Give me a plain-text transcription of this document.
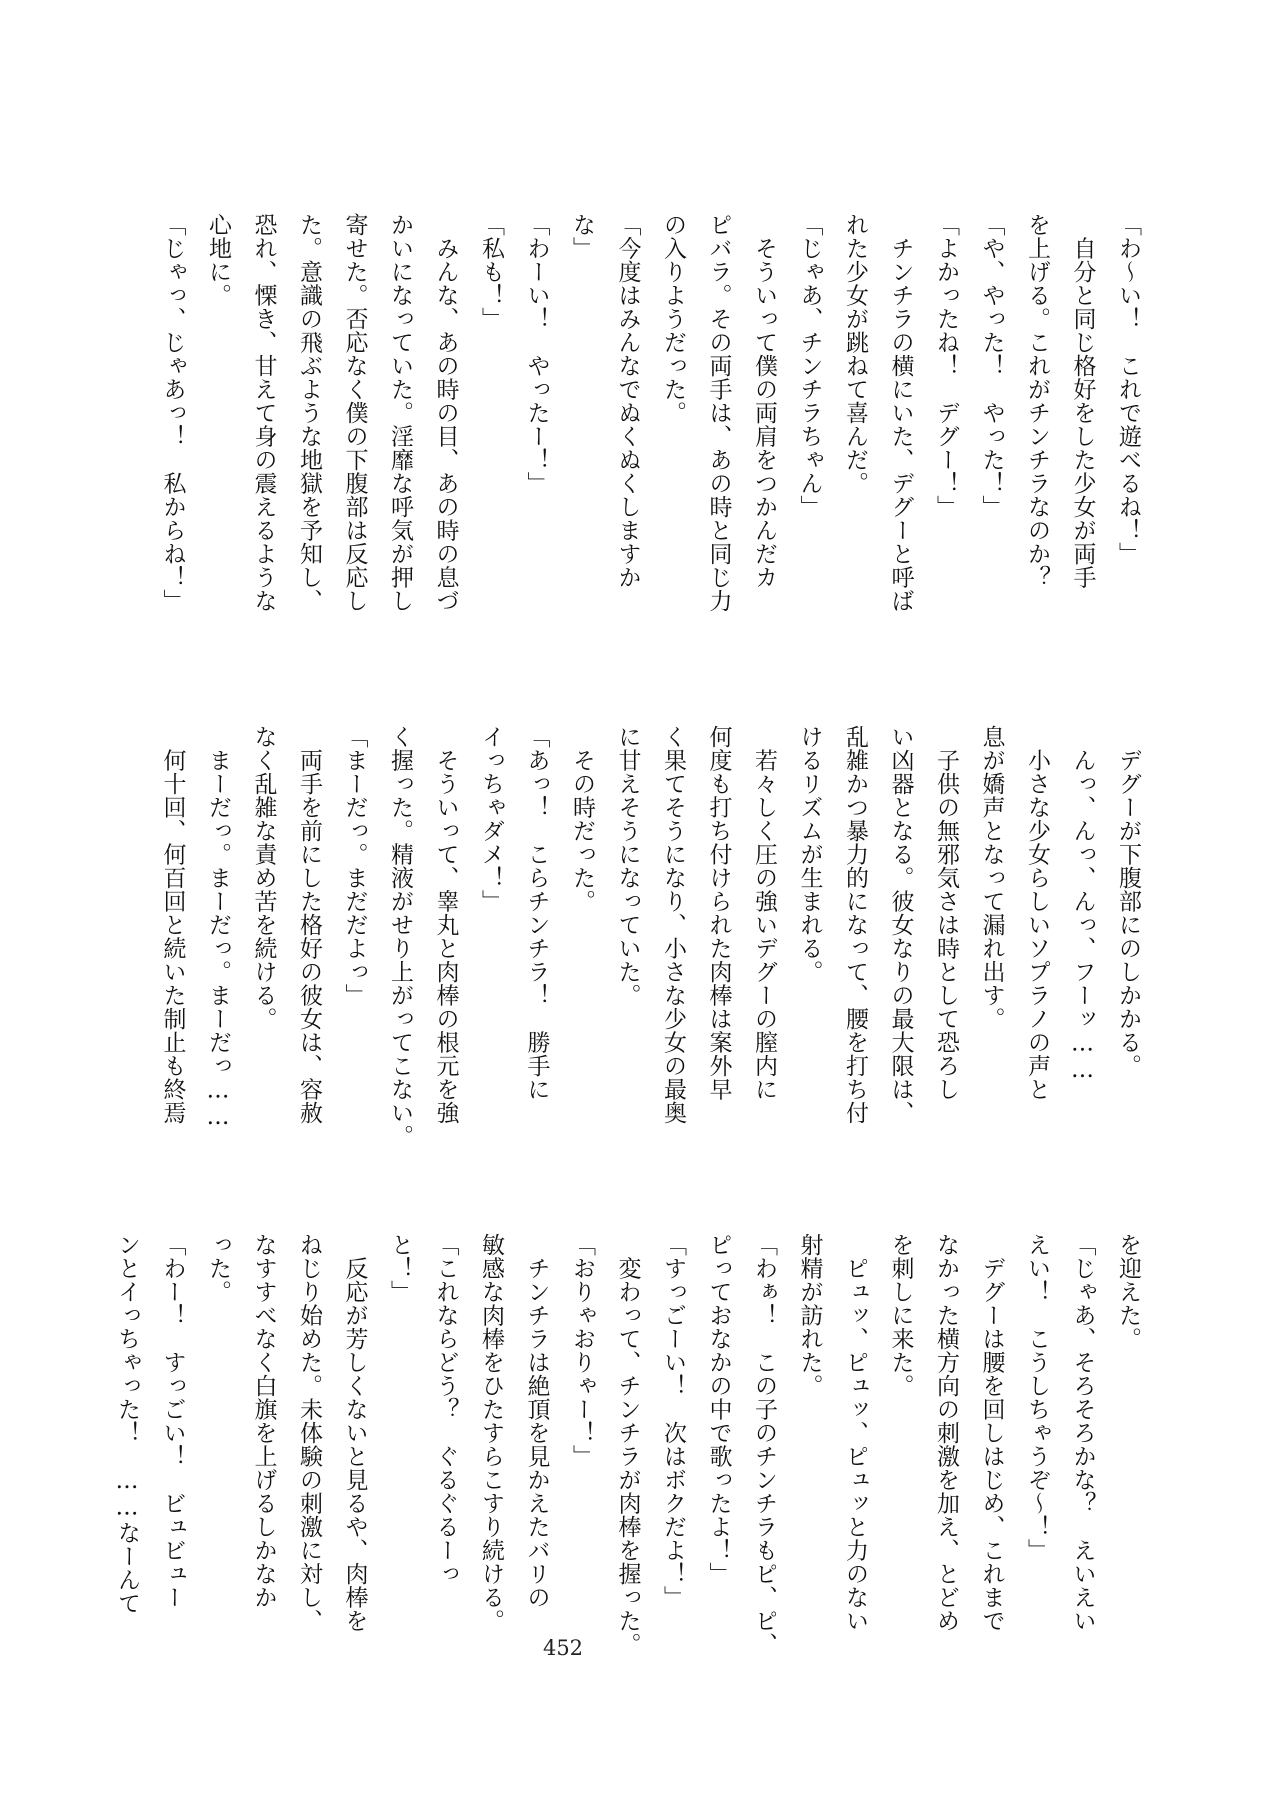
「わ～い！　これで遊べるね！」
　自分と同じ格好をした少女が両手
を上げる。これがチンチラなのか？
「や、やった！　やった！」
「よかったね！　デグー！」
　チンチラの横にいた、デグーと呼ば
れた少女が跳ねて喜んだ。
「じゃあ、チンチラちゃん」
　そういって僕の両肩をつかんだカ
ピバラ。その両手は、あの時と同じ力
の入りようだった。
「今度はみんなでぬくぬくしますか
な」
「わーい！　やったー！」
「私も！」
　みんな、あの時の目、あの時の息づ
かいになっていた。淫靡な呼気が押し
寄せた。否応なく僕の下腹部は反応し
た。意識の飛ぶような地獄を予知し、
恐れ、慄き、甘えて身の震えるような
心地に。
「じゃっ、じゃあっ！　私からね！」
　デグーが下腹部にのしかかる。
　んっ、んっ、んっ、フーッ……
　小さな少女らしいソプラノの声と
息が嬌声となって漏れ出す。
　子供の無邪気さは時として恐ろし
い凶器となる。彼女なりの最大限は、
乱雑かつ暴力的になって、腰を打ち付
けるリズムが生まれる。
　若々しく圧の強いデグーの膣内に
何度も打ち付けられた肉棒は案外早
く果てそうになり、小さな少女の最奥
に甘えそうになっていた。
　その時だった。
「あっ！　こらチンチラ！　勝手に
イっちゃダメ！」
　そういって、睾丸と肉棒の根元を強
く握った。精液がせり上がってこない。
「まーだっ。まだだよっ」
　両手を前にした格好の彼女は、容赦
なく乱雑な責め苦を続ける。
　まーだっ。まーだっ。まーだっ……
　何十回、何百回と続いた制止も終焉
を迎えた。
「じゃあ、そろそろかな？　えいえい
えい！　こうしちゃうぞ～！」
　デグーは腰を回しはじめ、これまで
なかった横方向の刺激を加え、とどめ
を刺しに来た。
　ピュッ、ピュッ、ピュッと力のない
射精が訪れた。
「わぁ！　この子のチンチラもピ、ピ、
ピっておなかの中で歌ったよ！」
「すっごーい！　次はボクだよ！」
　変わって、チンチラが肉棒を握った。
「おりゃおりゃー！」
　チンチラは絶頂を見かえたバリの
敏感な肉棒をひたすらこすり続ける。
「これならどう？　ぐるぐるーっ
と！」
　反応が芳しくないと見るや、肉棒を
ねじり始めた。未体験の刺激に対し、
なすすべなく白旗を上げるしかなか
った。
「わー！　すっごい！　ビュビュー
ンとイっちゃった！　……なーんて
452
